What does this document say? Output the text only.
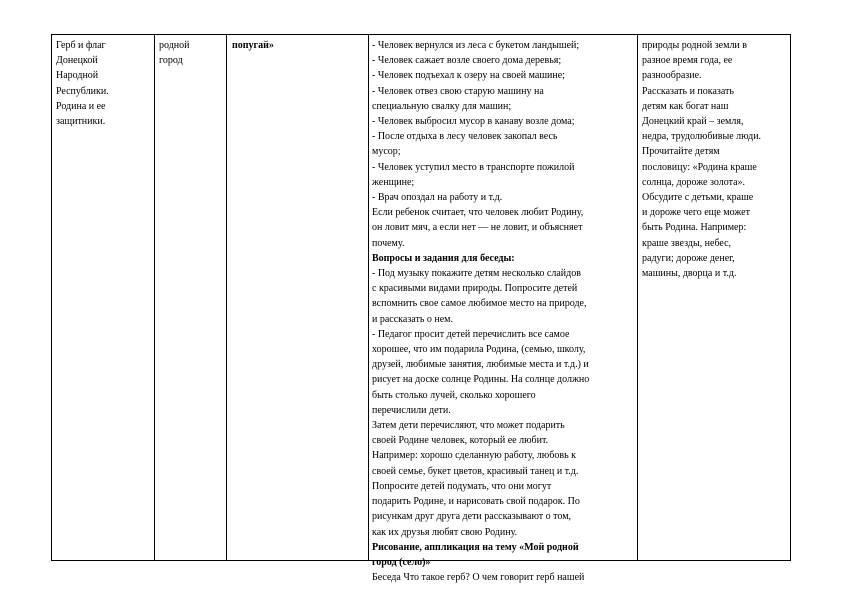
Герб и флаг
Донецкой
Народной
Республики.
Родина и ее
защитники.
родной
город
попугай»	- Человек вернулся из леса с букетом ландышей;
- Человек сажает возле своего дома деревья;
- Человек подъехал к озеру на своей машине;
- Человек отвез свою старую машину на
специальную свалку для машин;
- Человек выбросил мусор в канаву возле дома;
- После отдыха в лесу человек закопал весь
мусор;
- Человек уступил место в транспорте пожилой
женщине;
- Врач опоздал на работу и т.д.
Если ребенок считает, что человек любит Родину,
он ловит мяч, а если нет — не ловит, и объясняет
почему.
Вопросы и задания для беседы:
- Под музыку покажите детям несколько слайдов
с красивыми видами природы. Попросите детей
вспомнить свое самое любимое место на природе,
и рассказать о нем.
- Педагог просит детей перечислить все самое
хорошее, что им подарила Родина, (семью, школу,
друзей, любимые занятия, любимые места и т.д.) и
рисует на доске солнце Родины. На солнце должно
быть столько лучей, сколько хорошего
перечислили дети.
Затем дети перечисляют, что может подарить
своей Родине человек, который ее любит.
Например: хорошо сделанную работу, любовь к
своей семье, букет цветов, красивый танец и т.д.
Попросите детей подумать, что они могут
подарить Родине, и нарисовать свой подарок. По
рисункам друг друга дети рассказывают о том,
как их друзья любят свою Родину.
Рисование, аппликация на тему «Мой родной
город (село)»
Беседа Что такое герб? О чем говорит герб нашей
природы родной земли в
разное время года, ее
разнообразие.
Рассказать и показать
детям как богат наш
Донецкий край – земля,
недра, трудолюбивые люди.
Прочитайте детям
пословицу: «Родина краше
солнца, дороже золота».
Обсудите с детьми, краше
и дороже чего еще может
быть Родина. Например:
краше звезды, небес,
радуги; дороже денег,
машины, дворца и т.д.
